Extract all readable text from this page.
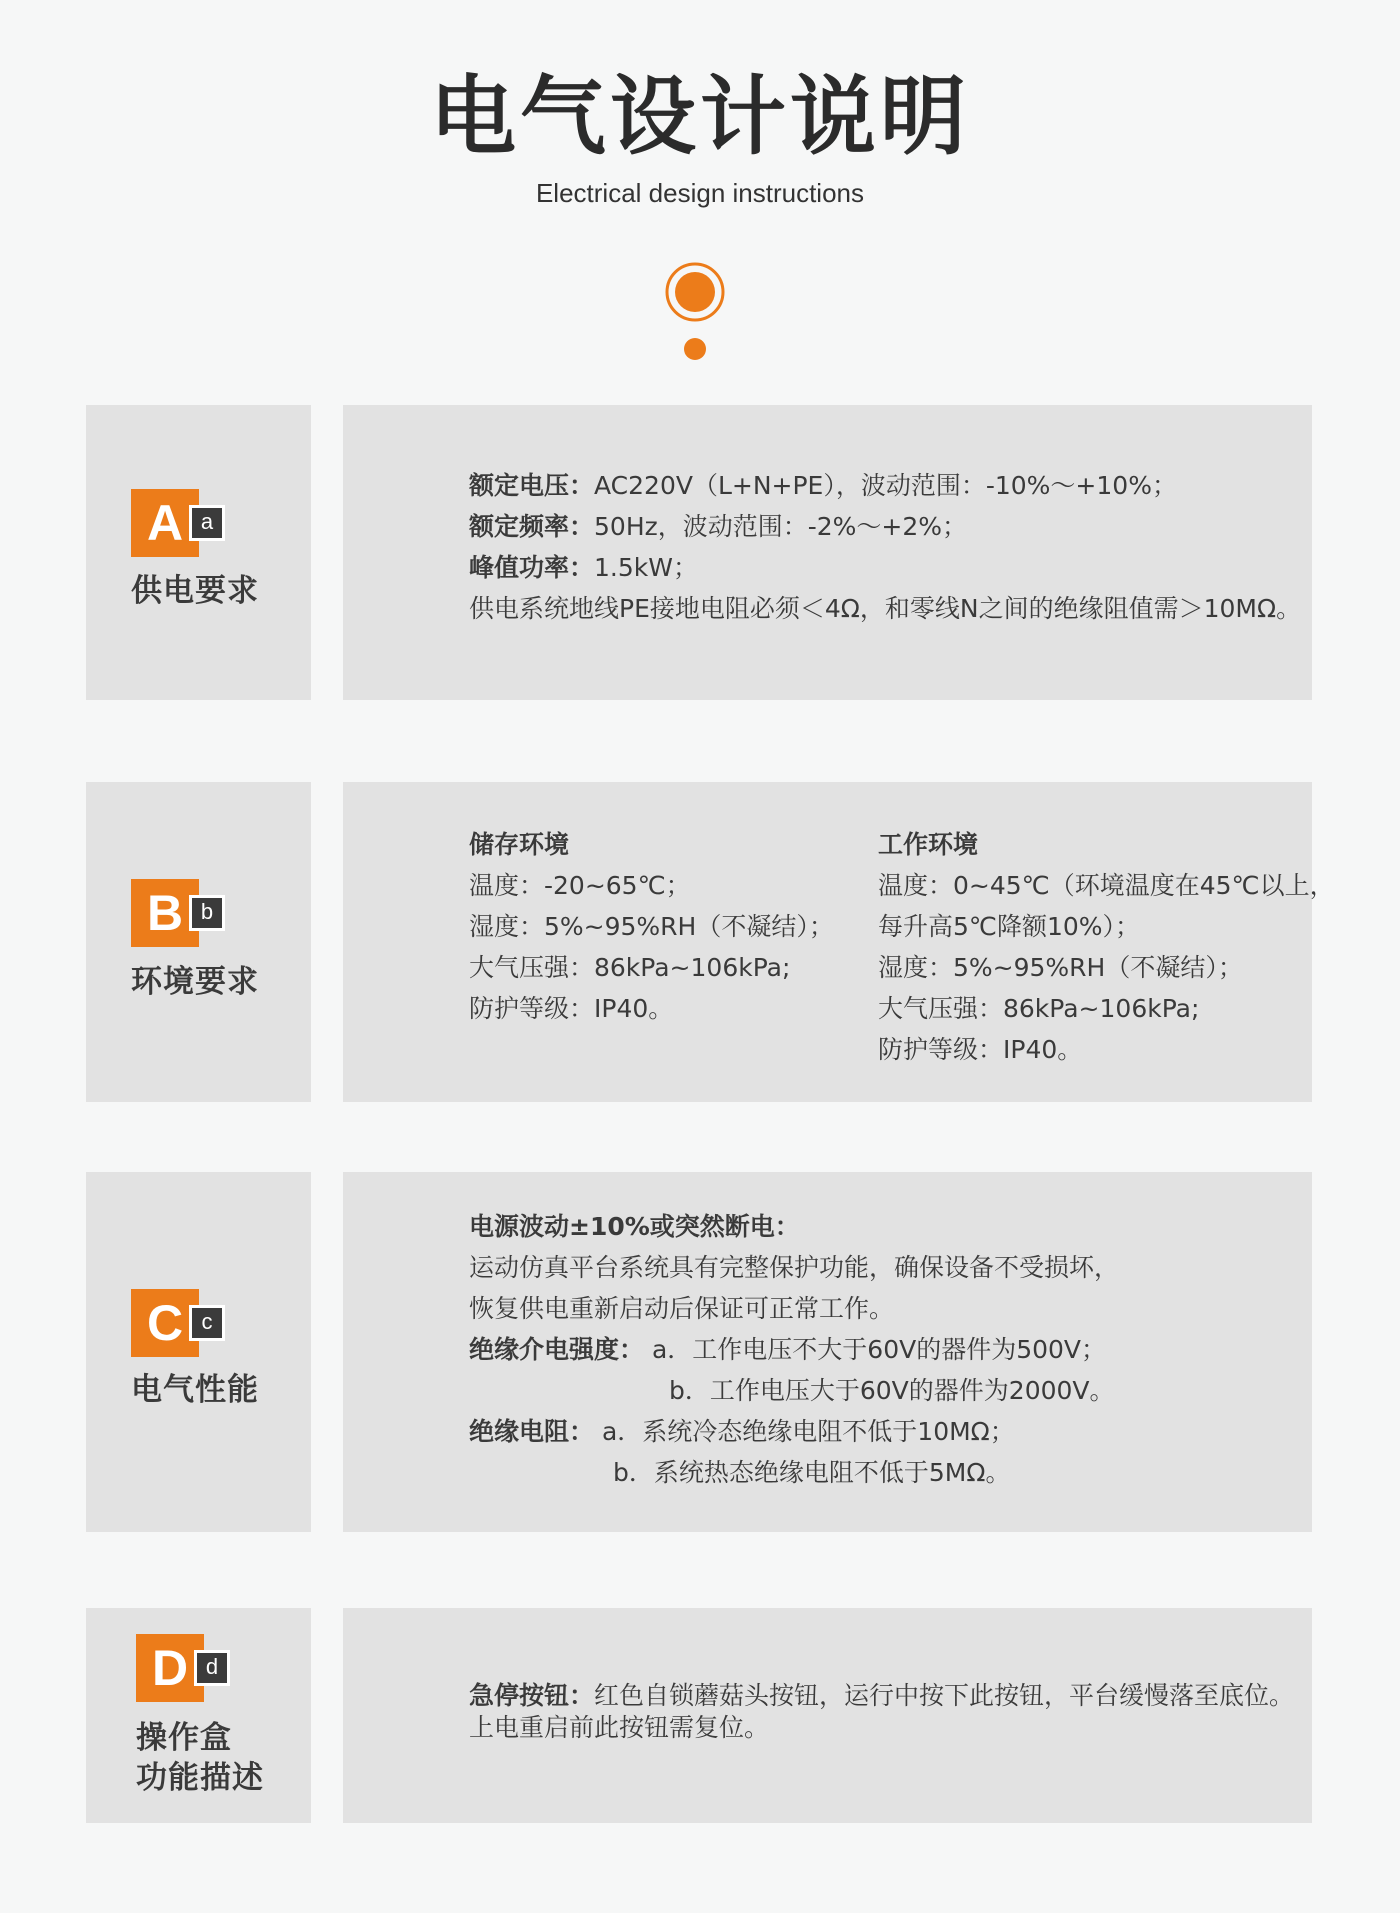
电气设计说明
Electrical design instructions
A a
供电要求
额定电压：AC220V（L+N+PE），波动范围：-10%～+10%；
额定频率：50Hz，波动范围：-2%～+2%；
峰值功率：1.5kW；
供电系统地线PE接地电阻必须＜4Ω，和零线N之间的绝缘阻值需＞10MΩ。
B b
环境要求
储存环境
温度：-20~65℃；
湿度：5%~95%RH（不凝结）；
大气压强：86kPa~106kPa;
防护等级：IP40。
工作环境
温度：0~45℃（环境温度在45℃以上，
每升高5℃降额10%）；
湿度：5%~95%RH（不凝结）；
大气压强：86kPa~106kPa;
防护等级：IP40。
C c
电气性能
电源波动±10%或突然断电：
运动仿真平台系统具有完整保护功能，确保设备不受损坏，
恢复供电重新启动后保证可正常工作。
绝缘介电强度： a．工作电压不大于60V的器件为500V；
b．工作电压大于60V的器件为2000V。
绝缘电阻： a．系统冷态绝缘电阻不低于10MΩ；
b．系统热态绝缘电阻不低于5MΩ。
D d
操作盒
功能描述
急停按钮：红色自锁蘑菇头按钮，运行中按下此按钮，平台缓慢落至底位。
上电重启前此按钮需复位。
